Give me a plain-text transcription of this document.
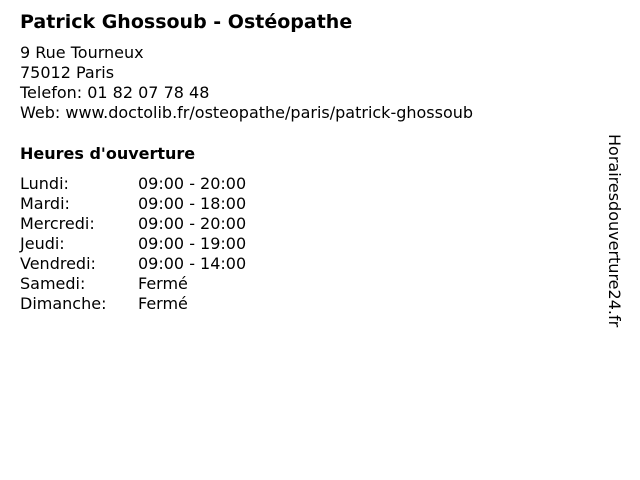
Patrick Ghossoub - Ostéopathe
9 Rue Tourneux
75012 Paris
Telefon: 01 82 07 78 48
Web: www.doctolib.fr/osteopathe/paris/patrick-ghossoub
Heures d'ouverture
Lundi:	09:00 - 20:00
Mardi:	09:00 - 18:00
Mercredi:	09:00 - 20:00
Jeudi:	09:00 - 19:00
Vendredi:	09:00 - 14:00
Samedi:	Fermé
Dimanche:	Fermé	Horairesdouverture24.fr
